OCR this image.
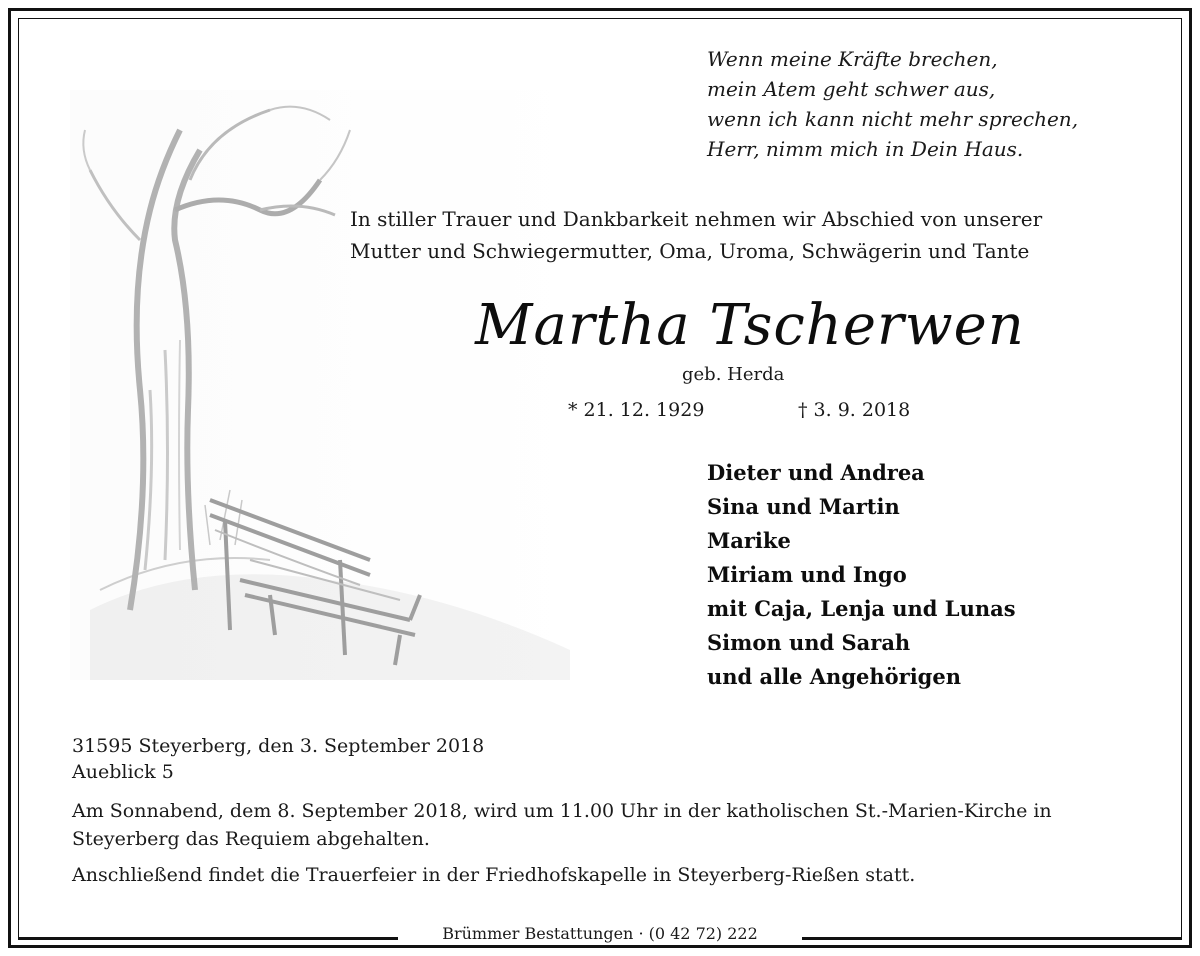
Wenn meine Kräfte brechen,
mein Atem geht schwer aus,
wenn ich kann nicht mehr sprechen,
Herr, nimm mich in Dein Haus.
In stiller Trauer und Dankbarkeit nehmen wir Abschied von unserer
Mutter und Schwiegermutter, Oma, Uroma, Schwägerin und Tante
Martha Tscherwen
geb. Herda
* 21. 12. 1929	† 3. 9. 2018
Dieter und Andrea
Sina und Martin
Marike
Miriam und Ingo
mit Caja, Lenja und Lunas
Simon und Sarah
und alle Angehörigen
31595 Steyerberg, den 3. September 2018
Aueblick 5

Am Sonnabend, dem 8. September 2018, wird um 11.00 Uhr in der katholischen St.-Marien-Kirche in Steyerberg das Requiem abgehalten.

Anschließend findet die Trauerfeier in der Friedhofskapelle in Steyerberg-Rießen statt.

Brümmer Bestattungen · (0 42 72) 222
